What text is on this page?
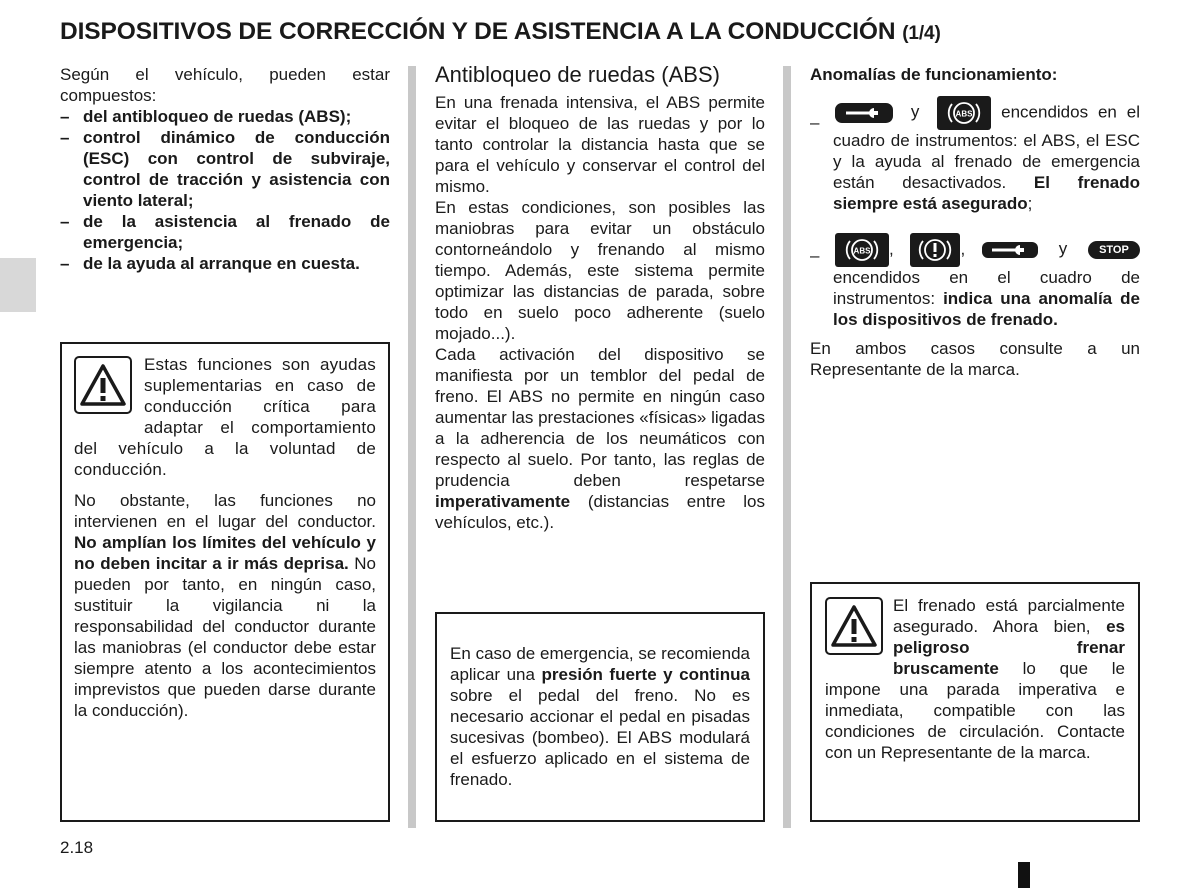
DISPOSITIVOS DE CORRECCIÓN Y DE ASISTENCIA A LA CONDUCCIÓN (1/4)

Según el vehículo, pueden estar compuestos:

– del antibloqueo de ruedas (ABS);
– control dinámico de conducción (ESC) con control de subviraje, control de tracción y asistencia con viento lateral;
– de la asistencia al frenado de emergencia;
– de la ayuda al arranque en cuesta.

Estas funciones son ayudas suplementarias en caso de conducción crítica para adaptar el comportamiento del vehículo a la voluntad de conducción.

No obstante, las funciones no intervienen en el lugar del conductor. No amplían los límites del vehículo y no deben incitar a ir más deprisa. No pueden por tanto, en ningún caso, sustituir la vigilancia ni la responsabilidad del conductor durante las maniobras (el conductor debe estar siempre atento a los acontecimientos imprevistos que pueden darse durante la conducción).

Antibloqueo de ruedas (ABS)

En una frenada intensiva, el ABS permite evitar el bloqueo de las ruedas y por lo tanto controlar la distancia hasta que se para el vehículo y conservar el control del mismo.

En estas condiciones, son posibles las maniobras para evitar un obstáculo contorneándolo y frenando al mismo tiempo. Además, este sistema permite optimizar las distancias de parada, sobre todo en suelo poco adherente (suelo mojado...).

Cada activación del dispositivo se manifiesta por un temblor del pedal de freno. El ABS no permite en ningún caso aumentar las prestaciones «físicas» ligadas a la adherencia de los neumáticos con respecto al suelo. Por tanto, las reglas de prudencia deben respetarse imperativamente (distancias entre los vehículos, etc.).

En caso de emergencia, se recomienda aplicar una presión fuerte y continua sobre el pedal del freno. No es necesario accionar el pedal en pisadas sucesivas (bombeo). El ABS modulará el esfuerzo aplicado en el sistema de frenado.

Anomalías de funcionamiento:

–
y	ABS encendidos en el cuadro de instrumentos: el ABS, el ESC y la ayuda al frenado de emergencia están desactivados. El frenado siempre está asegurado;
–	ABS ,	,	y	STOP encendidos en el cuadro de instrumentos: indica una anomalía de los dispositivos de frenado.

En ambos casos consulte a un Representante de la marca.

El frenado está parcialmente asegurado. Ahora bien, es peligroso frenar bruscamente lo que le impone una parada imperativa e inmediata, compatible con las condiciones de circulación. Contacte con un Representante de la marca.

2.18
